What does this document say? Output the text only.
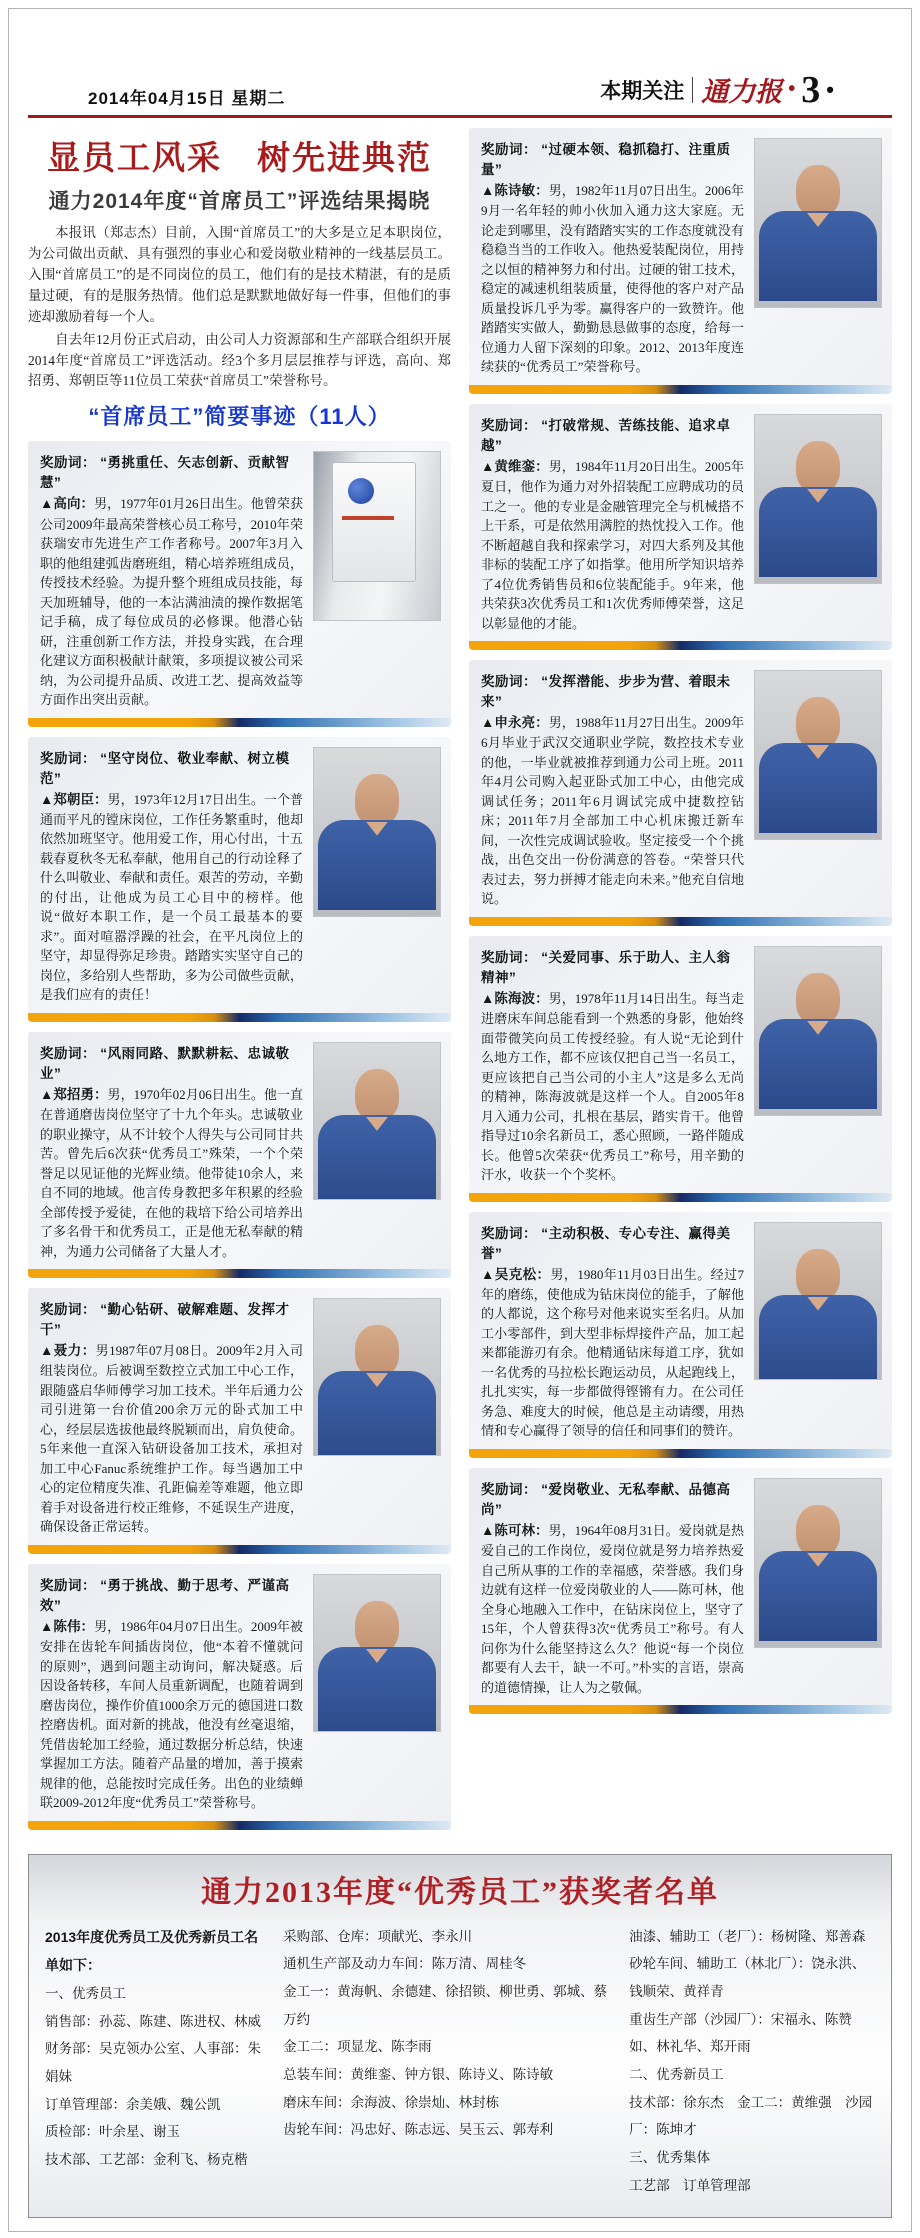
2014年04月15日 星期二	本期关注 通力报 • 3 •
显员工风采　树先进典范
通力2014年度“首席员工”评选结果揭晓

本报讯（郑志杰）目前，入围“首席员工”的大多是立足本职岗位，为公司做出贡献、具有强烈的事业心和爱岗敬业精神的一线基层员工。入围“首席员工”的是不同岗位的员工，他们有的是技术精湛，有的是质量过硬，有的是服务热情。他们总是默默地做好每一件事，但他们的事迹却激励着每一个人。

自去年12月份正式启动，由公司人力资源部和生产部联合组织开展2014年度“首席员工”评选活动。经3个多月层层推荐与评选，高向、郑招勇、郑朝臣等11位员工荣获“首席员工”荣誉称号。

“首席员工”简要事迹（11人）

奖励词： “勇挑重任、矢志创新、贡献智慧”

▲高向：男，1977年01月26日出生。他曾荣获公司2009年最高荣誉核心员工称号，2010年荣获瑞安市先进生产工作者称号。2007年3月入职的他组建弧齿磨班组，精心培养班组成员，传授技术经验。为提升整个班组成员技能，每天加班辅导，他的一本沾满油渍的操作数据笔记手稿，成了每位成员的必修课。他潜心钻研，注重创新工作方法，并投身实践，在合理化建议方面积极献计献策，多项提议被公司采纳，为公司提升品质、改进工艺、提高效益等方面作出突出贡献。

奖励词： “坚守岗位、敬业奉献、树立模范”

▲郑朝臣：男，1973年12月17日出生。一个普通而平凡的镗床岗位，工作任务繁重时，他却依然加班坚守。他用爱工作，用心付出，十五载春夏秋冬无私奉献，他用自己的行动诠释了什么叫敬业、奉献和责任。艰苦的劳动，辛勤的付出，让他成为员工心目中的榜样。他说“做好本职工作，是一个员工最基本的要求”。面对喧嚣浮躁的社会，在平凡岗位上的坚守，却显得弥足珍贵。踏踏实实坚守自己的岗位，多给别人些帮助，多为公司做些贡献，是我们应有的责任！

奖励词： “风雨同路、默默耕耘、忠诚敬业”

▲郑招勇：男，1970年02月06日出生。他一直在普通磨齿岗位坚守了十九个年头。忠诚敬业的职业操守，从不计较个人得失与公司同甘共苦。曾先后6次获“优秀员工”殊荣，一个个荣誉足以见证他的光辉业绩。他带徒10余人，来自不同的地域。他言传身教把多年积累的经验全部传授予爱徒，在他的栽培下给公司培养出了多名骨干和优秀员工，正是他无私奉献的精神，为通力公司储备了大量人才。

奖励词： “勤心钻研、破解难题、发挥才干”

▲聂力：男1987年07月08日。2009年2月入司组装岗位。后被调至数控立式加工中心工作，跟随盛启华师傅学习加工技术。半年后通力公司引进第一台价值200余万元的卧式加工中心，经层层选拔他最终脱颖而出，肩负使命。5年来他一直深入钻研设备加工技术，承担对加工中心Fanuc系统维护工作。每当遇加工中心的定位精度失准、孔距偏差等难题，他立即着手对设备进行校正维修，不延误生产进度，确保设备正常运转。

奖励词： “勇于挑战、勤于思考、严谨高效”

▲陈伟：男，1986年04月07日出生。2009年被安排在齿轮车间插齿岗位，他“本着不懂就问的原则”，遇到问题主动询问，解决疑惑。后因设备转移，车间人员重新调配，也随着调到磨齿岗位，操作价值1000余万元的德国进口数控磨齿机。面对新的挑战，他没有丝毫退缩，凭借齿轮加工经验，通过数据分析总结，快速掌握加工方法。随着产品量的增加，善于摸索规律的他，总能按时完成任务。出色的业绩蝉联2009-2012年度“优秀员工”荣誉称号。

奖励词： “过硬本领、稳抓稳打、注重质量”

▲陈诗敏：男，1982年11月07日出生。2006年9月一名年轻的帅小伙加入通力这大家庭。无论走到哪里，没有踏踏实实的工作态度就没有稳稳当当的工作收入。他热爱装配岗位，用持之以恒的精神努力和付出。过硬的钳工技术，稳定的减速机组装质量，使得他的客户对产品质量投诉几乎为零。赢得客户的一致赞许。他踏踏实实做人，勤勤恳恳做事的态度，给每一位通力人留下深刻的印象。2012、2013年度连续获的“优秀员工”荣誉称号。

奖励词： “打破常规、苦练技能、追求卓越”

▲黄维銮：男，1984年11月20日出生。2005年夏日，他作为通力对外招装配工应聘成功的员工之一。他的专业是金融管理完全与机械搭不上干系，可是依然用满腔的热忱投入工作。他不断超越自我和探索学习，对四大系列及其他非标的装配工序了如指掌。他用所学知识培养了4位优秀销售员和6位装配能手。9年来，他共荣获3次优秀员工和1次优秀师傅荣誉，这足以彰显他的才能。

奖励词： “发挥潜能、步步为营、着眼未来”

▲申永亮：男，1988年11月27日出生。2009年6月毕业于武汉交通职业学院，数控技术专业的他，一毕业就被推荐到通力公司上班。2011年4月公司购入起亚卧式加工中心，由他完成调试任务；2011年6月调试完成中捷数控钻床；2011年7月全部加工中心机床搬迁新车间，一次性完成调试验收。坚定接受一个个挑战，出色交出一份份满意的答卷。“荣誉只代表过去，努力拼搏才能走向未来。”他充自信地说。

奖励词： “关爱同事、乐于助人、主人翁精神”

▲陈海波：男，1978年11月14日出生。每当走进磨床车间总能看到一个熟悉的身影，他始终面带微笑向员工传授经验。有人说“无论到什么地方工作，都不应该仅把自己当一名员工，更应该把自己当公司的小主人”这是多么无尚的精神，陈海波就是这样一个人。自2005年8月入通力公司，扎根在基层，踏实肯干。他曾指导过10余名新员工，悉心照顾，一路伴随成长。他曾5次荣获“优秀员工”称号，用辛勤的汗水，收获一个个奖杯。

奖励词： “主动积极、专心专注、赢得美誉”

▲吴克松：男，1980年11月03日出生。经过7年的磨练，使他成为钻床岗位的能手，了解他的人都说，这个称号对他来说实至名归。从加工小零部件，到大型非标焊接件产品，加工起来都能游刃有余。他精通钻床每道工序，犹如一名优秀的马拉松长跑运动员，从起跑线上，扎扎实实，每一步都做得铿锵有力。在公司任务急、难度大的时候，他总是主动请缨，用热情和专心赢得了领导的信任和同事们的赞许。

奖励词： “爱岗敬业、无私奉献、品德高尚”

▲陈可林：男，1964年08月31日。爱岗就是热爱自己的工作岗位，爱岗位就是努力培养热爱自己所从事的工作的幸福感，荣誉感。我们身边就有这样一位爱岗敬业的人——陈可林，他全身心地融入工作中，在钻床岗位上，坚守了15年，个人曾获得3次“优秀员工”称号。有人问你为什么能坚持这么久？他说“每一个岗位都要有人去干，缺一不可。”朴实的言语，崇高的道德情操，让人为之敬佩。

通力2013年度“优秀员工”获奖者名单
2013年度优秀员工及优秀新员工名单如下：
一、优秀员工
销售部：孙蕊、陈建、陈进权、林威
财务部：吴克领办公室、人事部：朱娟妹
订单管理部：余美娥、魏公凯
质检部：叶余星、谢玉
技术部、工艺部：金利飞、杨克楷
采购部、仓库：项献光、李永川
通机生产部及动力车间：陈万清、周桂冬
金工一：黄海帆、余德建、徐招锁、柳世勇、郭城、蔡万约
金工二：项显龙、陈李雨
总装车间：黄维銮、钟方银、陈诗义、陈诗敏
磨床车间：余海波、徐崇灿、林封栋
齿轮车间：冯忠好、陈志远、吴玉云、郭寿利
油漆、辅助工（老厂）：杨树隆、郑善森
砂轮车间、辅助工（林北厂）：饶永洪、钱顺荣、黄祥青
重齿生产部（沙园厂）：宋福永、陈赞如、林礼华、郑开雨
二、优秀新员工
技术部：徐东杰　金工二：黄维强　沙园厂：陈坤才
三、优秀集体
工艺部　订单管理部
